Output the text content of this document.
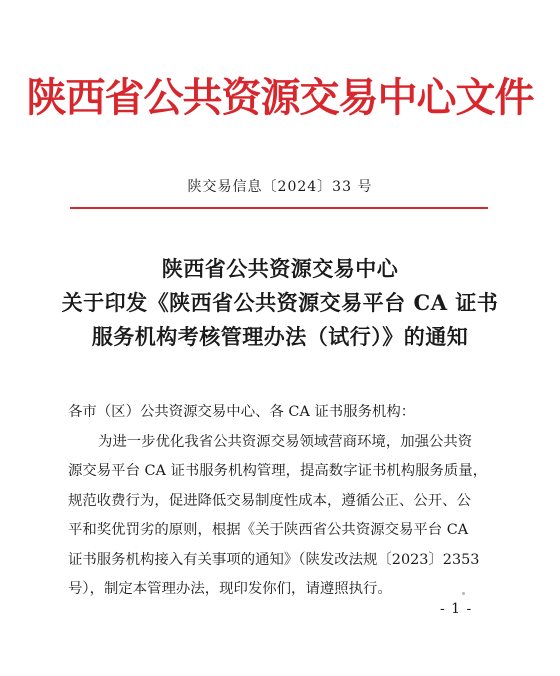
陕西省公共资源交易中心文件
陕交易信息〔2024〕33 号
陕西省公共资源交易中心
关于印发《陕西省公共资源交易平台 CA 证书
服务机构考核管理办法（试行）》的通知
各市（区）公共资源交易中心、各 CA 证书服务机构：
为进一步优化我省公共资源交易领域营商环境，加强公共资
源交易平台 CA 证书服务机构管理，提高数字证书机构服务质量，
规范收费行为，促进降低交易制度性成本，遵循公正、公开、公
平和奖优罚劣的原则，根据《关于陕西省公共资源交易平台 CA
证书服务机构接入有关事项的通知》（陕发改法规〔2023〕2353
号），制定本管理办法，现印发你们，请遵照执行。
- 1 -
